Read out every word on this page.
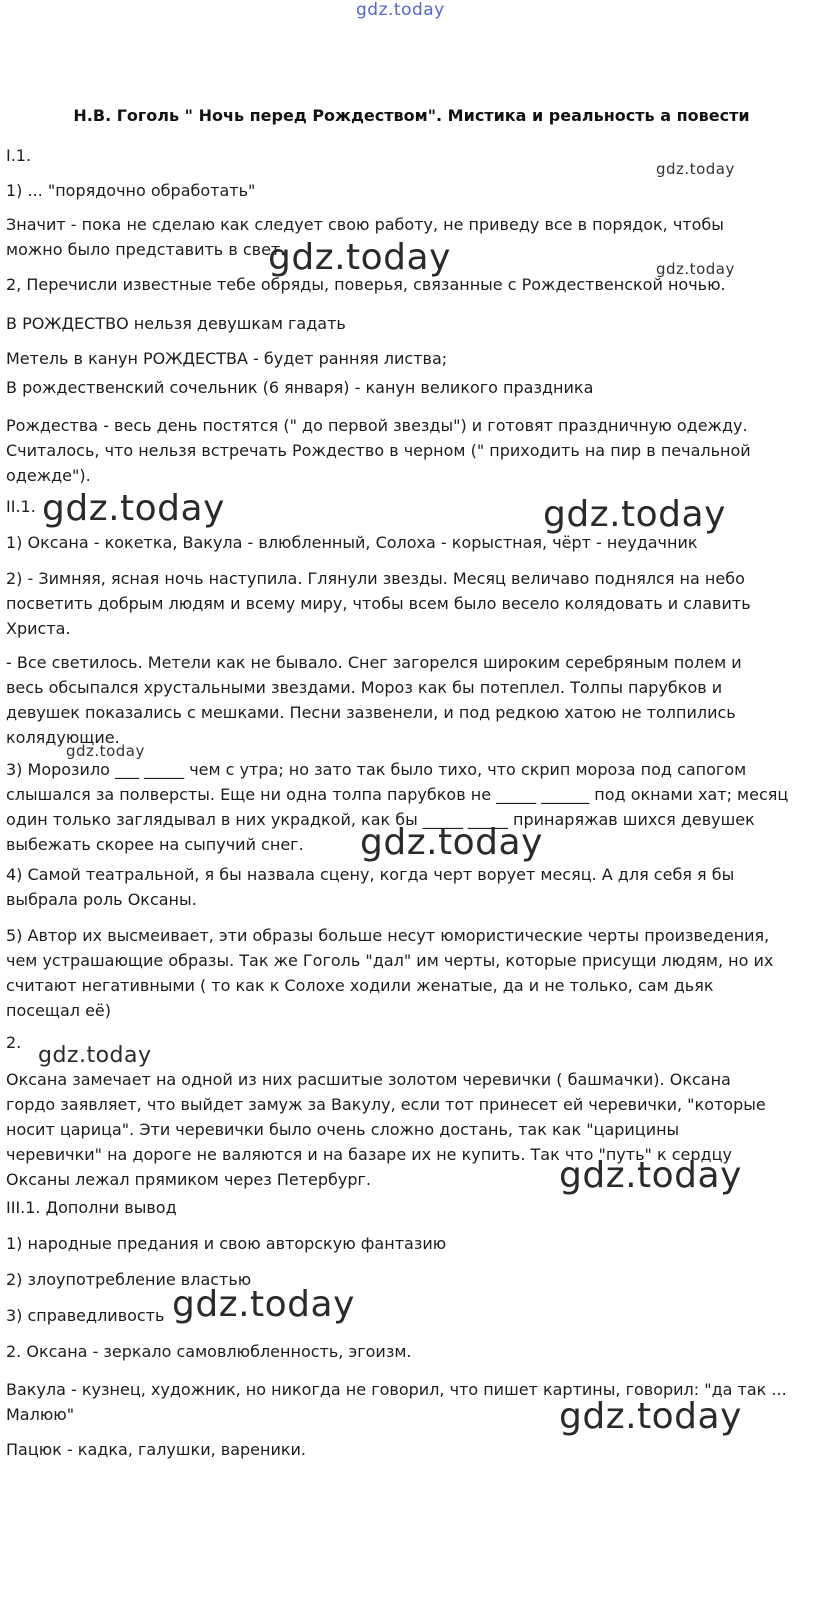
gdz.today
Н.В. Гоголь " Ночь перед Рождеством". Мистика и реальность а повести

I.1.

1) ... "порядочно обработать"

Значит - пока не сделаю как следует свою работу, не приведу все в порядок, чтобы можно было представить в свет.

2, Перечисли известные тебе обряды, поверья, связанные с Рождественской ночью.

В РОЖДЕСТВО нельзя девушкам гадать

Метель в канун РОЖДЕСТВА - будет ранняя листва;

В рождественский сочельник (6 января) - канун великого праздника

Рождества - весь день постятся (" до первой звезды") и готовят праздничную одежду. Считалось, что нельзя встречать Рождество в черном (" приходить на пир в печальной одежде").

II.1.

1) Оксана - кокетка, Вакула - влюбленный, Солоха - корыстная, чёрт - неудачник

2) - Зимняя, ясная ночь наступила. Глянули звезды. Месяц величаво поднялся на небо посветить добрым людям и всему миру, чтобы всем было весело колядовать и славить Христа.

- Все светилось. Метели как не бывало. Снег загорелся широким серебряным полем и весь обсыпался хрустальными звездами. Мороз как бы потеплел. Толпы парубков и девушек показались с мешками. Песни зазвенели, и под редкою хатою не толпились колядующие.

3) Морозило ___ _____ чем с утра; но зато так было тихо, что скрип мороза под сапогом слышался за полверсты. Еще ни одна толпа парубков не _____ ______ под окнами хат; месяц один только заглядывал в них украдкой, как бы _____ _____ принаряжав шихся девушек выбежать скорее на сыпучий снег.

4) Самой театральной, я бы назвала сцену, когда черт ворует месяц. А для себя я бы выбрала роль Оксаны.

5) Автор их высмеивает, эти образы больше несут юмористические черты произведения, чем устрашающие образы. Так же Гоголь "дал" им черты, которые присущи людям, но их считают негативными ( то как к Солохе ходили женатые, да и не только, сам дьяк посещал её)

2.

Оксана замечает на одной из них расшитые золотом черевички ( башмачки). Оксана гордо заявляет, что выйдет замуж за Вакулу, если тот принесет ей черевички, "которые носит царица". Эти черевички было очень сложно достань, так как "царицины черевички" на дороге не валяются и на базаре их не купить. Так что "путь" к сердцу Оксаны лежал прямиком через Петербург.

III.1. Дополни вывод

1) народные предания и свою авторскую фантазию

2) злоупотребление властью

3) справедливость

2. Оксана - зеркало самовлюбленность, эгоизм.

Вакула - кузнец, художник, но никогда не говорил, что пишет картины, говорил: "да так ... Малюю"

Пацюк - кадка, галушки, вареники.

gdz.today
gdz.today	gdz.today
gdz.today	gdz.today
gdz.today
gdz.today
gdz.today
gdz.today
gdz.today
gdz.today
